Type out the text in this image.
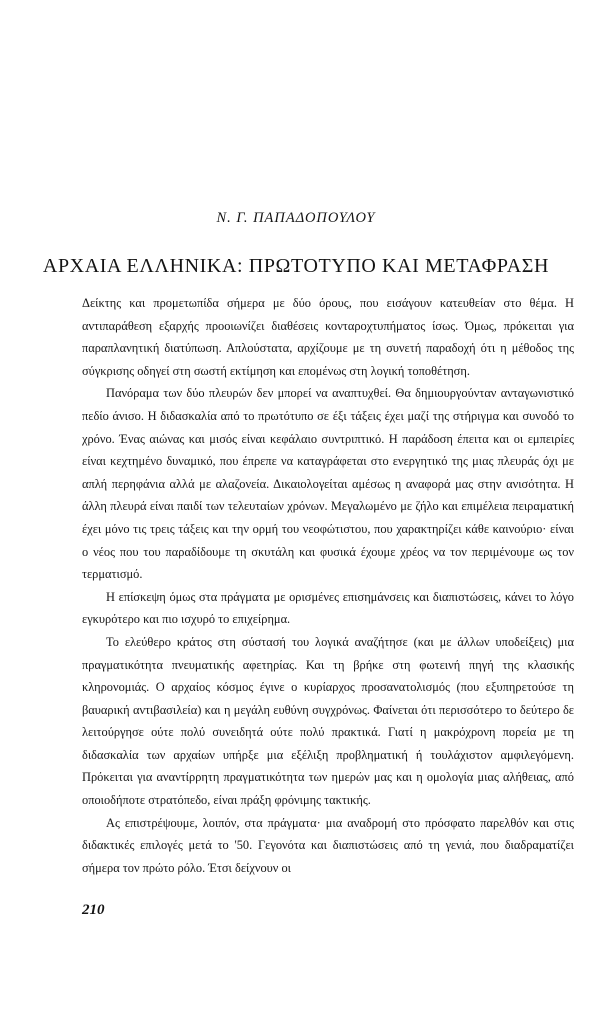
Ν. Γ. ΠΑΠΑΔΟΠΟΥΛΟΥ
ΑΡΧΑΙΑ ΕΛΛΗΝΙΚΑ: ΠΡΩΤΟΤΥΠΟ ΚΑΙ ΜΕΤΑΦΡΑΣΗ

Δείκτης και προμετωπίδα σήμερα με δύο όρους, που εισάγουν κατευθείαν στο θέμα. Η αντιπαράθεση εξαρχής προοιωνίζει διαθέσεις κονταροχτυπήματος ίσως. Όμως, πρόκειται για παραπλανητική διατύπωση. Απλούστατα, αρχίζουμε με τη συνετή παραδοχή ότι η μέθοδος της σύγκρισης οδηγεί στη σωστή εκτίμηση και επομένως στη λογική τοποθέτηση.

Πανόραμα των δύο πλευρών δεν μπορεί να αναπτυχθεί. Θα δημιουργούνταν ανταγωνιστικό πεδίο άνισο. Η διδασκαλία από το πρωτότυπο σε έξι τάξεις έχει μαζί της στήριγμα και συνοδό το χρόνο. Ένας αιώνας και μισός είναι κεφάλαιο συντριπτικό. Η παράδοση έπειτα και οι εμπειρίες είναι κεχτημένο δυναμικό, που έπρεπε να καταγράφεται στο ενεργητικό της μιας πλευράς όχι με απλή περηφάνια αλλά με αλαζονεία. Δικαιολογείται αμέσως η αναφορά μας στην ανισότητα. Η άλλη πλευρά είναι παιδί των τελευταίων χρόνων. Μεγαλωμένο με ζήλο και επιμέλεια πειραματική έχει μόνο τις τρεις τάξεις και την ορμή του νεοφώτιστου, που χαρακτηρίζει κάθε καινούριο· είναι ο νέος που του παραδίδουμε τη σκυτάλη και φυσικά έχουμε χρέος να τον περιμένουμε ως τον τερματισμό.

Η επίσκεψη όμως στα πράγματα με ορισμένες επισημάνσεις και διαπιστώσεις, κάνει το λόγο εγκυρότερο και πιο ισχυρό το επιχείρημα.

Το ελεύθερο κράτος στη σύστασή του λογικά αναζήτησε (και με άλλων υποδείξεις) μια πραγματικότητα πνευματικής αφετηρίας. Και τη βρήκε στη φωτεινή πηγή της κλασικής κληρονομιάς. Ο αρχαίος κόσμος έγινε ο κυρίαρχος προσανατολισμός (που εξυπηρετούσε τη βαυαρική αντιβασιλεία) και η μεγάλη ευθύνη συγχρόνως. Φαίνεται ότι περισσότερο το δεύτερο δε λειτούργησε ούτε πολύ συνειδητά ούτε πολύ πρακτικά. Γιατί η μακρόχρονη πορεία με τη διδασκαλία των αρχαίων υπήρξε μια εξέλιξη προβληματική ή τουλάχιστον αμφιλεγόμενη. Πρόκειται για αναντίρρητη πραγματικότητα των ημερών μας και η ομολογία μιας αλήθειας, από οποιοδήποτε στρατόπεδο, είναι πράξη φρόνιμης τακτικής.

Ας επιστρέψουμε, λοιπόν, στα πράγματα· μια αναδρομή στο πρόσφατο παρελθόν και στις διδακτικές επιλογές μετά το '50. Γεγονότα και διαπιστώσεις από τη γενιά, που διαδραματίζει σήμερα τον πρώτο ρόλο. Έτσι δείχνουν οι

210
